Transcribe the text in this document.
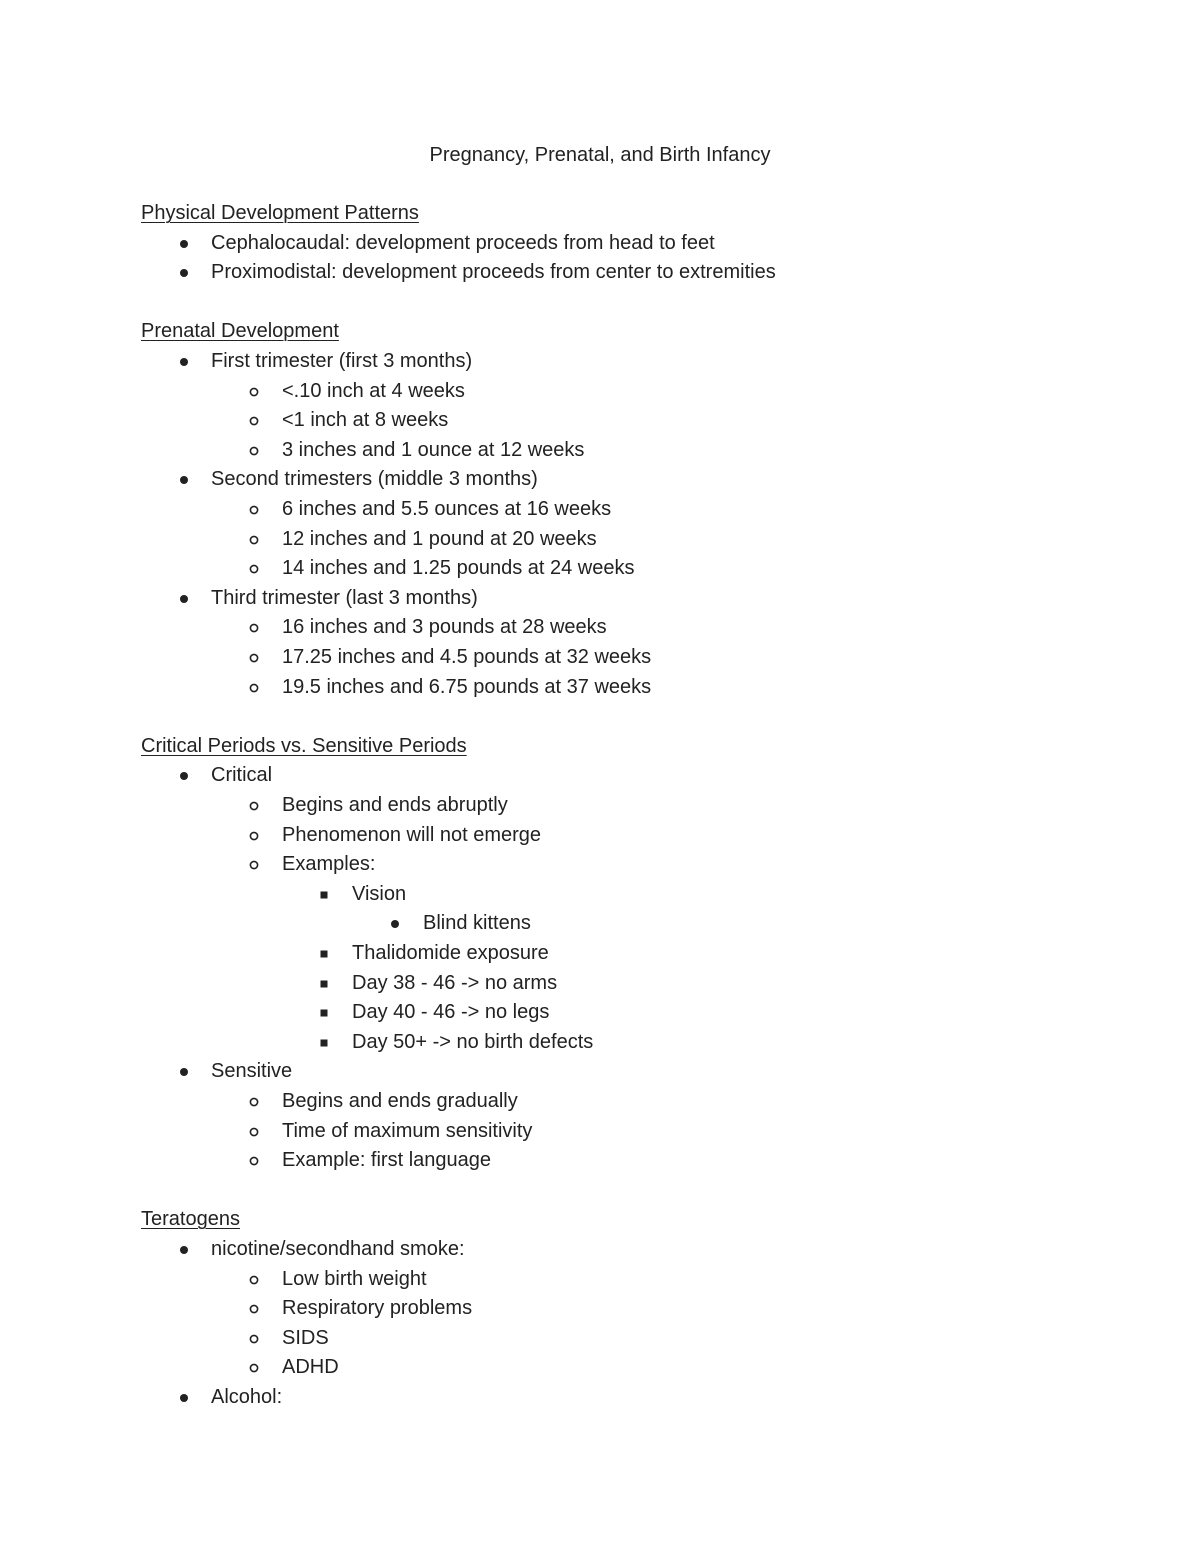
Pregnancy, Prenatal, and Birth Infancy
Physical Development Patterns
Cephalocaudal: development proceeds from head to feet
Proximodistal: development proceeds from center to extremities
Prenatal Development
First trimester (first 3 months)
<.10 inch at 4 weeks
<1 inch at 8 weeks
3 inches and 1 ounce at 12 weeks
Second trimesters (middle 3 months)
6 inches and 5.5 ounces at 16 weeks
12 inches and 1 pound at 20 weeks
14 inches and 1.25 pounds at 24 weeks
Third trimester (last 3 months)
16 inches and 3 pounds at 28 weeks
17.25 inches and 4.5 pounds at 32 weeks
19.5 inches and 6.75 pounds at 37 weeks
Critical Periods vs. Sensitive Periods
Critical
Begins and ends abruptly
Phenomenon will not emerge
Examples:
Vision
Blind kittens
Thalidomide exposure
Day 38 - 46 -> no arms
Day 40 - 46 -> no legs
Day 50+ -> no birth defects
Sensitive
Begins and ends gradually
Time of maximum sensitivity
Example: first language
Teratogens
nicotine/secondhand smoke:
Low birth weight
Respiratory problems
SIDS
ADHD
Alcohol:
